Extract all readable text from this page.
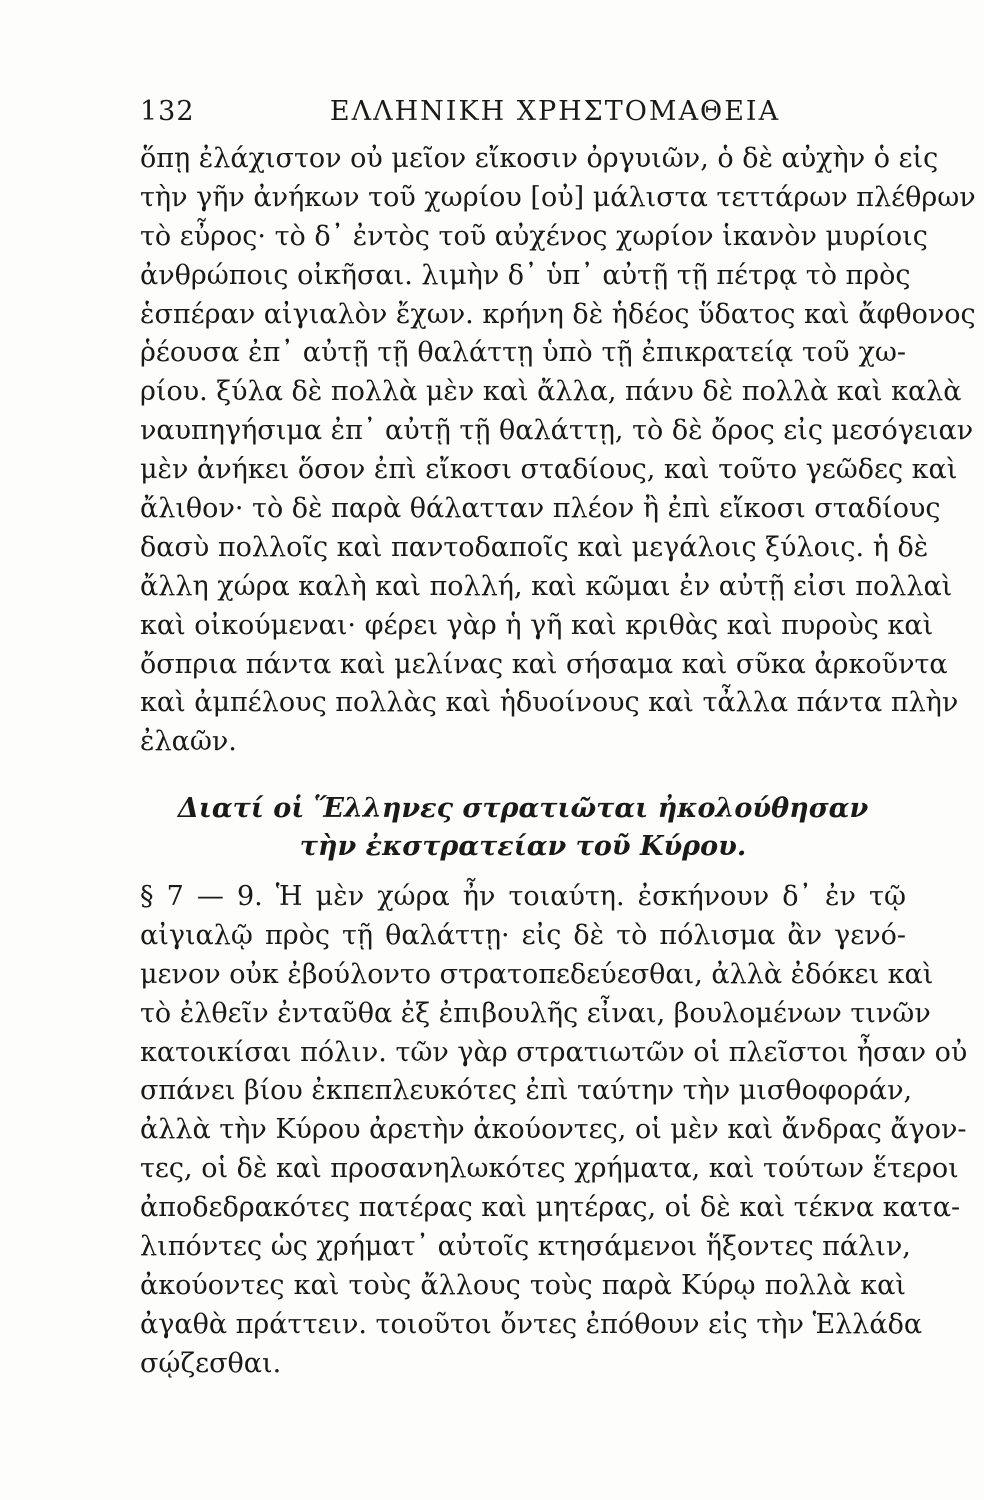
132	ΕΛΛΗΝΙΚΗ ΧΡΗΣΤΟΜΑΘΕΙΑ
ὅπῃ ἐλάχιστον οὐ μεῖον εἴκοσιν ὀργυιῶν, ὁ δὲ αὐχὴν ὁ εἰς
τὴν γῆν ἀνήκων τοῦ χωρίου [οὐ] μάλιστα τεττάρων πλέθρων
τὸ εὖρος· τὸ δ᾽ ἐντὸς τοῦ αὐχένος χωρίον ἱκανὸν μυρίοις
ἀνθρώποις οἰκῆσαι. λιμὴν δ᾽ ὑπ᾽ αὐτῇ τῇ πέτρᾳ τὸ πρὸς
ἑσπέραν αἰγιαλὸν ἔχων. κρήνη δὲ ἡδέος ὕδατος καὶ ἄφθονος
ῥέουσα ἐπ᾽ αὐτῇ τῇ θαλάττῃ ὑπὸ τῇ ἐπικρατείᾳ τοῦ χω-
ρίου. ξύλα δὲ πολλὰ μὲν καὶ ἄλλα, πάνυ δὲ πολλὰ καὶ καλὰ
ναυπηγήσιμα ἐπ᾽ αὐτῇ τῇ θαλάττῃ, τὸ δὲ ὄρος εἰς μεσόγειαν
μὲν ἀνήκει ὅσον ἐπὶ εἴκοσι σταδίους, καὶ τοῦτο γεῶδες καὶ
ἄλιθον· τὸ δὲ παρὰ θάλατταν πλέον ἢ ἐπὶ εἴκοσι σταδίους
δασὺ πολλοῖς καὶ παντοδαποῖς καὶ μεγάλοις ξύλοις. ἡ δὲ
ἄλλη χώρα καλὴ καὶ πολλή, καὶ κῶμαι ἐν αὐτῇ εἰσι πολλαὶ
καὶ οἰκούμεναι· φέρει γὰρ ἡ γῆ καὶ κριθὰς καὶ πυροὺς καὶ
ὄσπρια πάντα καὶ μελίνας καὶ σήσαμα καὶ σῦκα ἀρκοῦντα
καὶ ἀμπέλους πολλὰς καὶ ἡδυοίνους καὶ τἆλλα πάντα πλὴν
ἐλαῶν.
Διατί οἱ Ἕλληνες στρατιῶται ἠκολούθησαν
τὴν ἐκστρατείαν τοῦ Κύρου.
§ 7 — 9. Ἡ μὲν χώρα ἦν τοιαύτη. ἐσκήνουν δ᾽ ἐν τῷ
αἰγιαλῷ πρὸς τῇ θαλάττῃ· εἰς δὲ τὸ πόλισμα ἂν γενό-
μενον οὐκ ἐβούλοντο στρατοπεδεύεσθαι, ἀλλὰ ἐδόκει καὶ
τὸ ἐλθεῖν ἐνταῦθα ἐξ ἐπιβουλῆς εἶναι, βουλομένων τινῶν
κατοικίσαι πόλιν. τῶν γὰρ στρατιωτῶν οἱ πλεῖστοι ἦσαν οὐ
σπάνει βίου ἐκπεπλευκότες ἐπὶ ταύτην τὴν μισθοφοράν,
ἀλλὰ τὴν Κύρου ἀρετὴν ἀκούοντες, οἱ μὲν καὶ ἄνδρας ἄγον-
τες, οἱ δὲ καὶ προσανηλωκότες χρήματα, καὶ τούτων ἕτεροι
ἀποδεδρακότες πατέρας καὶ μητέρας, οἱ δὲ καὶ τέκνα κατα-
λιπόντες ὡς χρήματ᾽ αὐτοῖς κτησάμενοι ἥξοντες πάλιν,
ἀκούοντες καὶ τοὺς ἄλλους τοὺς παρὰ Κύρῳ πολλὰ καὶ
ἀγαθὰ πράττειν. τοιοῦτοι ὄντες ἐπόθουν εἰς τὴν Ἑλλάδα
σῴζεσθαι.
